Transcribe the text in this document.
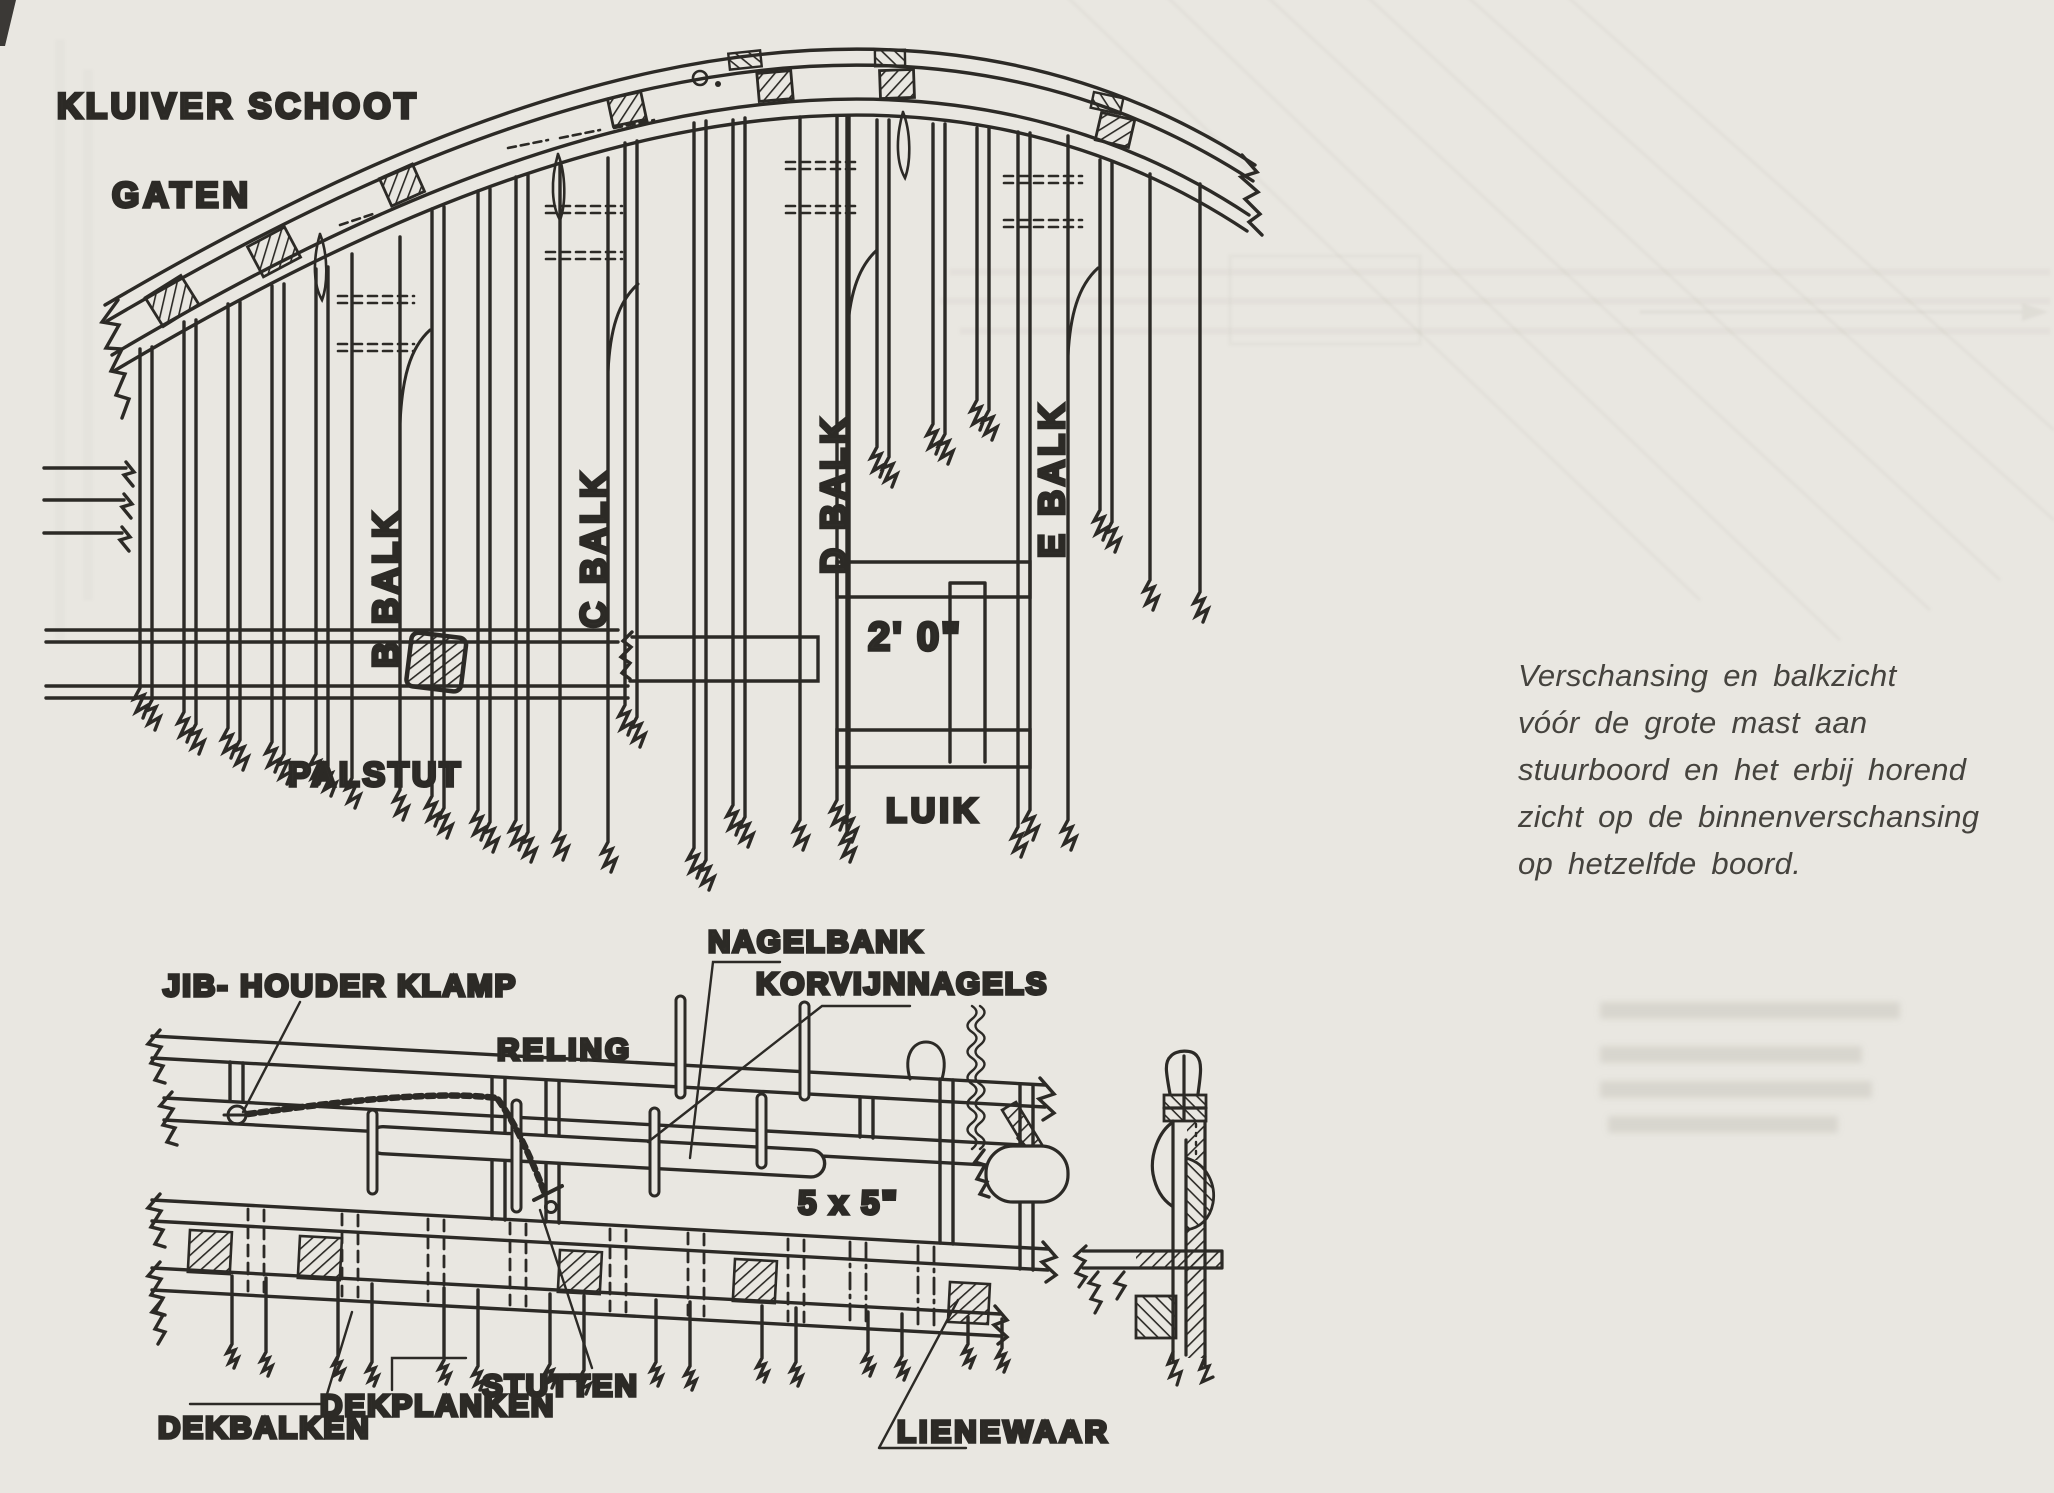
KLUIVER SCHOOT
GATEN
B BALK	C BALK	D BALK	E BALK
PALSTUT
LUIK
2' 0"
JIB- HOUDER KLAMP
NAGELBANK
KORVIJNNAGELS
RELING
5 x 5"
DEKBALKEN
DEKPLANKEN
STUTTEN
LIENEWAAR
Verschansing en balkzicht
vóór de grote mast aan
stuurboord en het erbij horend
zicht op de binnenverschansing
op hetzelfde boord.
